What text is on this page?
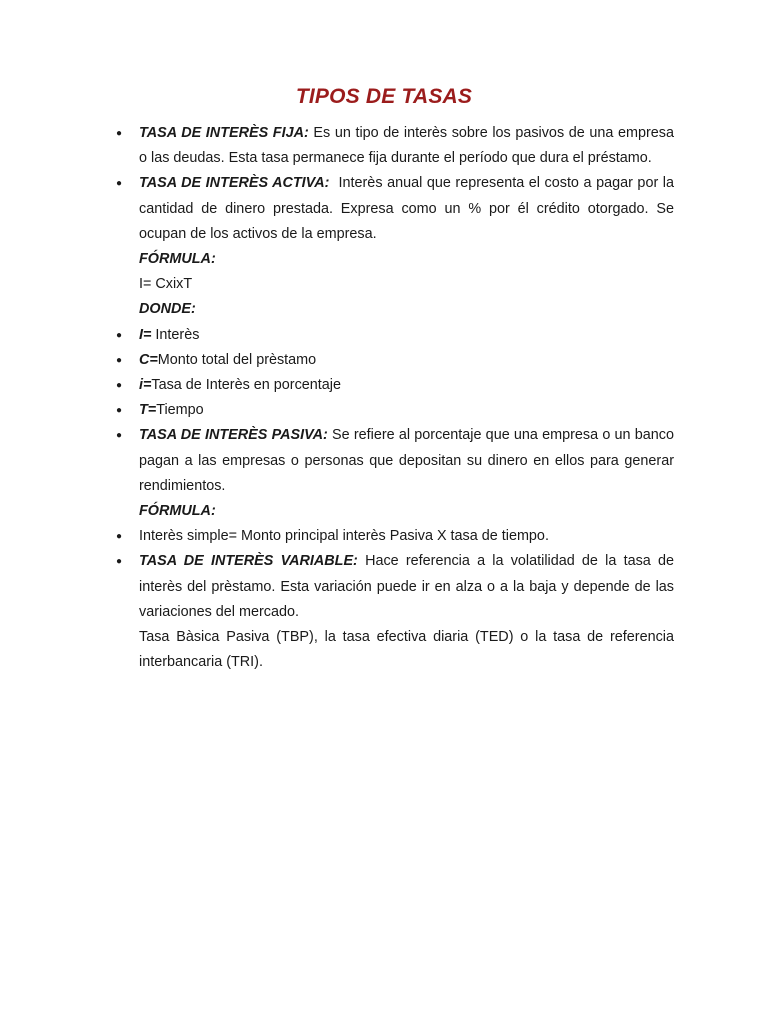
TIPOS DE TASAS

● TASA DE INTERÈS FIJA: Es un tipo de interès sobre los pasivos de una empresa o las deudas. Esta tasa permanece fija durante el período que dura el préstamo.

● TASA DE INTERÈS ACTIVA: Interès anual que representa el costo a pagar por la cantidad de dinero prestada. Expresa como un % por él crédito otorgado. Se ocupan de los activos de la empresa.

FÓRMULA:

I= CxixT

DONDE:

● I= Interès

● C=Monto total del prèstamo

● i=Tasa de Interès en porcentaje

● T=Tiempo

● TASA DE INTERÈS PASIVA: Se refiere al porcentaje que una empresa o un banco pagan a las empresas o personas que depositan su dinero en ellos para generar rendimientos.

FÓRMULA:

● Interès simple= Monto principal interès Pasiva X tasa de tiempo.

● TASA DE INTERÈS VARIABLE: Hace referencia a la volatilidad de la tasa de interès del prèstamo. Esta variación puede ir en alza o a la baja y depende de las variaciones del mercado.

Tasa Bàsica Pasiva (TBP), la tasa efectiva diaria (TED) o la tasa de referencia interbancaria (TRI).
